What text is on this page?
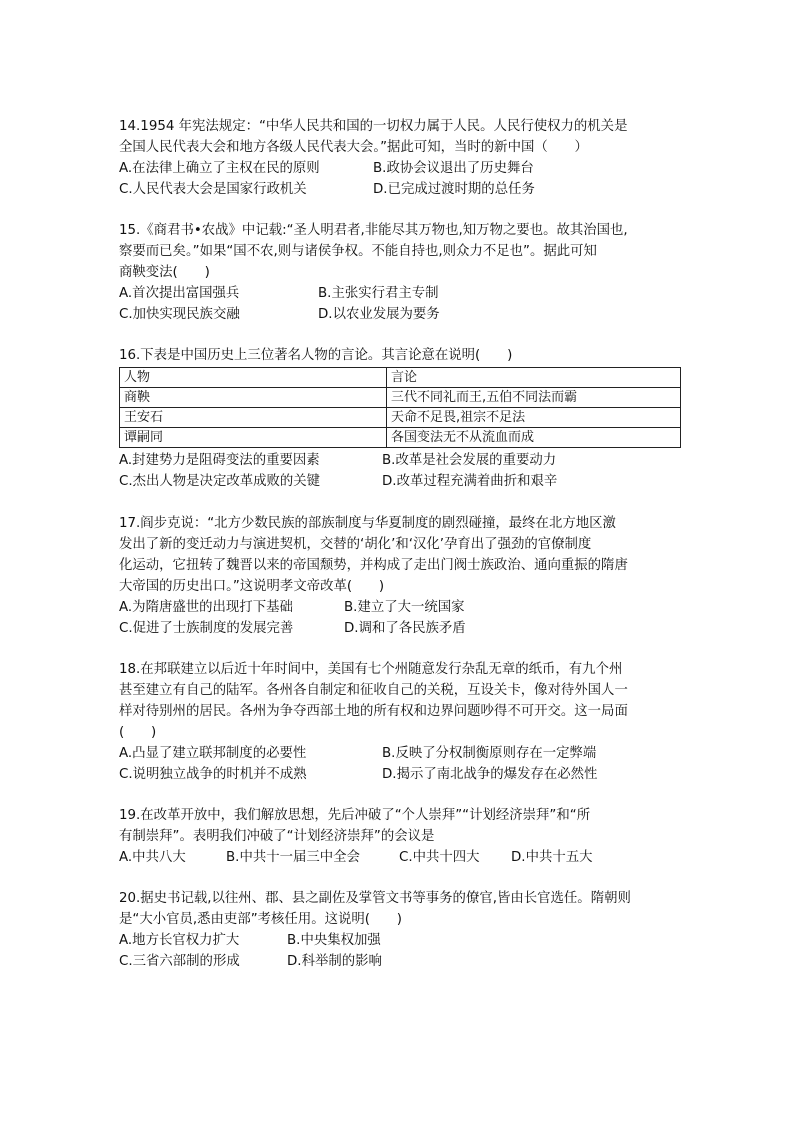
14.1954 年宪法规定：“中华人民共和国的一切权力属于人民。人民行使权力的机关是
全国人民代表大会和地方各级人民代表大会。”据此可知，当时的新中国（　　）
A.在法律上确立了主权在民的原则	B.政协会议退出了历史舞台
C.人民代表大会是国家行政机关	D.已完成过渡时期的总任务
15.《商君书•农战》中记载:“圣人明君者,非能尽其万物也,知万物之要也。故其治国也,
察要而已矣。”如果“国不农,则与诸侯争权。不能自持也,则众力不足也”。据此可知
商鞅变法(　　)
A.首次提出富国强兵	B.主张实行君主专制
C.加快实现民族交融	D.以农业发展为要务
16.下表是中国历史上三位著名人物的言论。其言论意在说明(　　)
人物	言论
商鞅	三代不同礼而王,五伯不同法而霸
王安石	天命不足畏,祖宗不足法
谭嗣同	各国变法无不从流血而成
A.封建势力是阻碍变法的重要因素	B.改革是社会发展的重要动力
C.杰出人物是决定改革成败的关键	D.改革过程充满着曲折和艰辛
17.阎步克说：“北方少数民族的部族制度与华夏制度的剧烈碰撞，最终在北方地区激
发出了新的变迁动力与演进契机，交替的‘胡化’和‘汉化’孕育出了强劲的官僚制度
化运动，它扭转了魏晋以来的帝国颓势，并构成了走出门阀士族政治、通向重振的隋唐
大帝国的历史出口。”这说明孝文帝改革(　　)
A.为隋唐盛世的出现打下基础	B.建立了大一统国家
C.促进了士族制度的发展完善	D.调和了各民族矛盾
18.在邦联建立以后近十年时间中，美国有七个州随意发行杂乱无章的纸币，有九个州
甚至建立有自己的陆军。各州各自制定和征收自己的关税，互设关卡，像对待外国人一
样对待别州的居民。各州为争夺西部土地的所有权和边界问题吵得不可开交。这一局面
(　　)
A.凸显了建立联邦制度的必要性	B.反映了分权制衡原则存在一定弊端
C.说明独立战争的时机并不成熟	D.揭示了南北战争的爆发存在必然性
19.在改革开放中，我们解放思想，先后冲破了“个人崇拜”“计划经济崇拜”和“所
有制崇拜”。表明我们冲破了“计划经济崇拜”的会议是
A.中共八大	B.中共十一届三中全会	C.中共十四大 D.中共十五大
20.据史书记载,以往州、郡、县之副佐及掌管文书等事务的僚官,皆由长官选任。隋朝则
是“大小官员,悉由吏部”考核任用。这说明(　　)
A.地方长官权力扩大	B.中央集权加强
C.三省六部制的形成	D.科举制的影响
